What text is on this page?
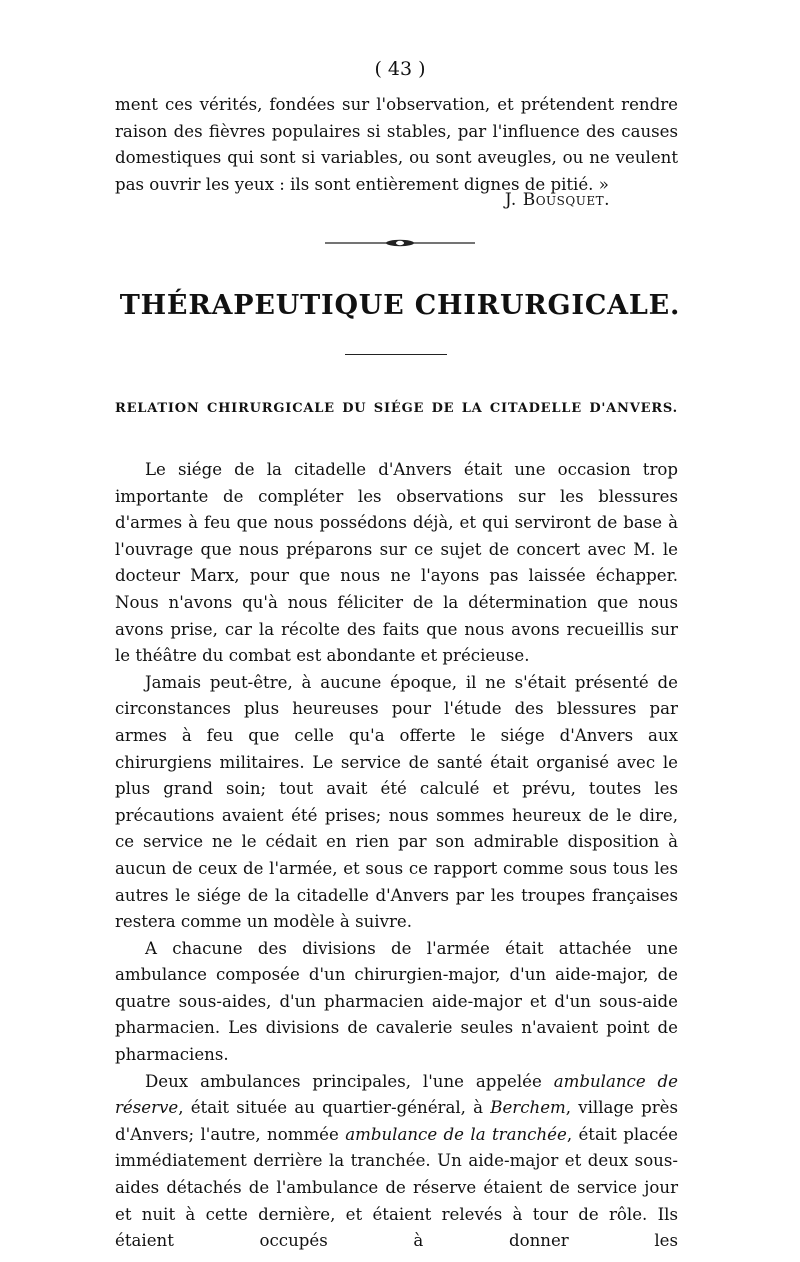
( 43 )
ment ces vérités, fondées sur l'observation, et prétendent rendre raison des fièvres populaires si stables, par l'influence des causes domestiques qui sont si variables, ou sont aveugles, ou ne veulent pas ouvrir les yeux : ils sont entièrement dignes de pitié. »
J. Bousquet.
THÉRAPEUTIQUE CHIRURGICALE.
RELATION CHIRURGICALE DU SIÉGE DE LA CITADELLE D'ANVERS.

Le siége de la citadelle d'Anvers était une occasion trop importante de compléter les observations sur les blessures d'armes à feu que nous possédons déjà, et qui serviront de base à l'ouvrage que nous préparons sur ce sujet de concert avec M. le docteur Marx, pour que nous ne l'ayons pas laissée échapper. Nous n'avons qu'à nous féliciter de la détermination que nous avons prise, car la récolte des faits que nous avons recueillis sur le théâtre du combat est abondante et précieuse.

Jamais peut-être, à aucune époque, il ne s'était présenté de circonstances plus heureuses pour l'étude des blessures par armes à feu que celle qu'a offerte le siége d'Anvers aux chirurgiens militaires. Le service de santé était organisé avec le plus grand soin; tout avait été calculé et prévu, toutes les précautions avaient été prises; nous sommes heureux de le dire, ce service ne le cédait en rien par son admirable disposition à aucun de ceux de l'armée, et sous ce rapport comme sous tous les autres le siége de la citadelle d'Anvers par les troupes françaises restera comme un modèle à suivre.

A chacune des divisions de l'armée était attachée une ambulance composée d'un chirurgien-major, d'un aide-major, de quatre sous-aides, d'un pharmacien aide-major et d'un sous-aide pharmacien. Les divisions de cavalerie seules n'avaient point de pharmaciens.

Deux ambulances principales, l'une appelée ambulance de réserve, était située au quartier-général, à Berchem, village près d'Anvers; l'autre, nommée ambulance de la tranchée, était placée immédiatement derrière la tranchée. Un aide-major et deux sous-aides détachés de l'ambulance de réserve étaient de service jour et nuit à cette dernière, et étaient relevés à tour de rôle. Ils étaient occupés à donner les
